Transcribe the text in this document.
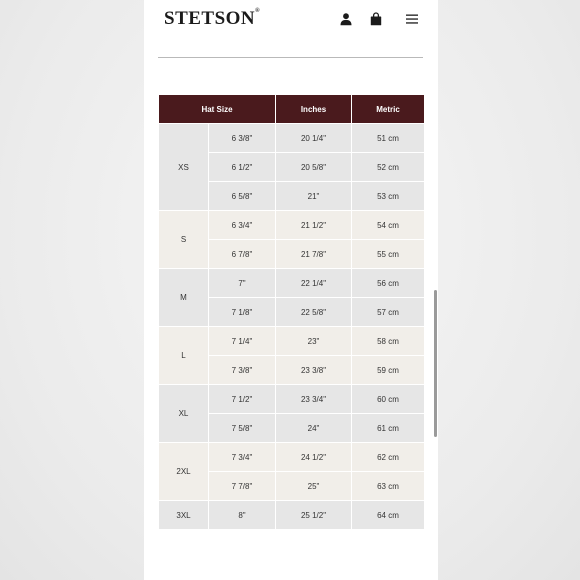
STETSON®
Hat Size		Inches	Metric
XS	6 3/8"	20 1/4"	51 cm
	6 1/2"	20 5/8"	52 cm
	6 5/8"	21"	53 cm
S	6 3/4"	21 1/2"	54 cm
	6 7/8"	21 7/8"	55 cm
M	7"	22 1/4"	56 cm
	7 1/8"	22 5/8"	57 cm
L	7 1/4"	23"	58 cm
	7 3/8"	23 3/8"	59 cm
XL	7 1/2"	23 3/4"	60 cm
	7 5/8"	24"	61 cm
2XL	7 3/4"	24 1/2"	62 cm
	7 7/8"	25"	63 cm
3XL	8"	25 1/2"	64 cm
